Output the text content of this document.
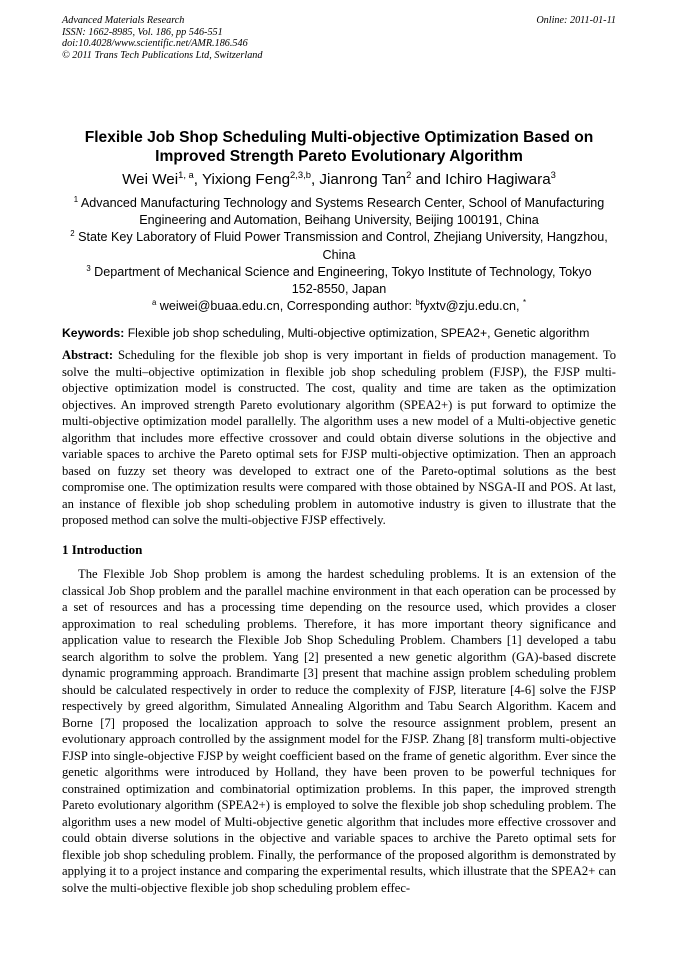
Advanced Materials Research
ISSN: 1662-8985, Vol. 186, pp 546-551
doi:10.4028/www.scientific.net/AMR.186.546
© 2011 Trans Tech Publications Ltd, Switzerland
Online: 2011-01-11
Flexible Job Shop Scheduling Multi-objective Optimization Based on
Improved Strength Pareto Evolutionary Algorithm
Wei Wei$^{1, a}$, Yixiong Feng$^{2,3,b}$, Jianrong Tan$^2$ and Ichiro Hagiwara$^3$

$^1$ Advanced Manufacturing Technology and Systems Research Center, School of Manufacturing

Engineering and Automation, Beihang University, Beijing 100191, China

$^2$ State Key Laboratory of Fluid Power Transmission and Control, Zhejiang University, Hangzhou,

China

$^3$ Department of Mechanical Science and Engineering, Tokyo Institute of Technology, Tokyo

152-8550, Japan

$^a$ weiwei@buaa.edu.cn, Corresponding author: $^b$fyxtv@zju.edu.cn, *

Keywords: Flexible job shop scheduling, Multi-objective optimization, SPEA2+, Genetic algorithm

Abstract: Scheduling for the flexible job shop is very important in fields of production management. To solve the multi–objective optimization in flexible job shop scheduling problem (FJSP), the FJSP multi-objective optimization model is constructed. The cost, quality and time are taken as the optimization objectives. An improved strength Pareto evolutionary algorithm (SPEA2+) is put forward to optimize the multi-objective optimization model parallelly. The algorithm uses a new model of a Multi-objective genetic algorithm that includes more effective crossover and could obtain diverse solutions in the objective and variable spaces to archive the Pareto optimal sets for FJSP multi-objective optimization. Then an approach based on fuzzy set theory was developed to extract one of the Pareto-optimal solutions as the best compromise one. The optimization results were compared with those obtained by NSGA-II and POS. At last, an instance of flexible job shop scheduling problem in automotive industry is given to illustrate that the proposed method can solve the multi-objective FJSP effectively.

1 Introduction

The Flexible Job Shop problem is among the hardest scheduling problems. It is an extension of the classical Job Shop problem and the parallel machine environment in that each operation can be processed by a set of resources and has a processing time depending on the resource used, which provides a closer approximation to real scheduling problems. Therefore, it has more important theory significance and application value to research the Flexible Job Shop Scheduling Problem. Chambers [1] developed a tabu search algorithm to solve the problem. Yang [2] presented a new genetic algorithm (GA)-based discrete dynamic programming approach. Brandimarte [3] present that machine assign problem scheduling problem should be calculated respectively in order to reduce the complexity of FJSP, literature [4-6] solve the FJSP respectively by greed algorithm, Simulated Annealing Algorithm and Tabu Search Algorithm. Kacem and Borne [7] proposed the localization approach to solve the resource assignment problem, present an evolutionary approach controlled by the assignment model for the FJSP. Zhang [8] transform multi-objective FJSP into single-objective FJSP by weight coefficient based on the frame of genetic algorithm. Ever since the genetic algorithms were introduced by Holland, they have been proven to be powerful techniques for constrained optimization and combinatorial optimization problems. In this paper, the improved strength Pareto evolutionary algorithm (SPEA2+) is employed to solve the flexible job shop scheduling problem. The algorithm uses a new model of Multi-objective genetic algorithm that includes more effective crossover and could obtain diverse solutions in the objective and variable spaces to archive the Pareto optimal sets for flexible job shop scheduling problem. Finally, the performance of the proposed algorithm is demonstrated by applying it to a project instance and comparing the experimental results, which illustrate that the SPEA2+ can solve the multi-objective flexible job shop scheduling problem effec-
